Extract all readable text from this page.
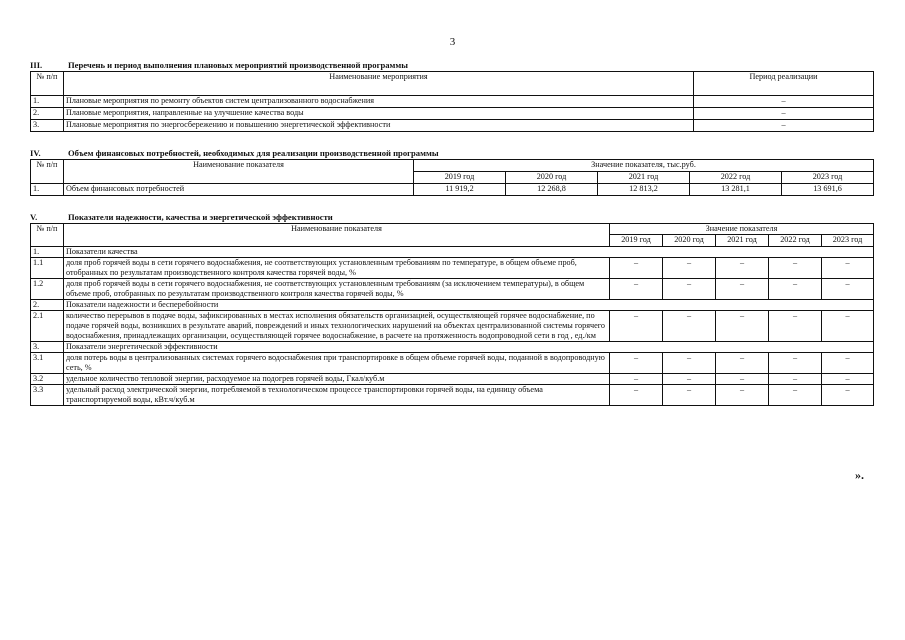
3
III.	Перечень и период выполнения плановых мероприятий производственной программы
№ п/п	Наименование мероприятия	Период реализации
1.	Плановые мероприятия по ремонту объектов систем централизованного водоснабжения	–
2.	Плановые мероприятия, направленные на улучшение качества воды	–
3.	Плановые мероприятия по энергосбережению и повышению энергетической эффективности	–
IV.	Объем финансовых потребностей, необходимых для реализации производственной программы
№ п/п	Наименование показателя	Значение показателя, тыс.руб.				
		2019 год	2020 год	2021 год	2022 год	2023 год
1.	Объем финансовых потребностей	11 919,2	12 268,8	12 813,2	13 281,1	13 691,6
V.	Показатели надежности, качества и энергетической эффективности
№ п/п	Наименование показателя	Значение показателя				
		2019 год	2020 год	2021 год	2022 год	2023 год
1.	Показатели качества					
1.1	доля проб горячей воды в сети горячего водоснабжения, не соответствующих установленным требованиям по температуре, в общем объеме проб, отобранных по результатам производственного контроля качества горячей воды, %	–	–	–	–	–
1.2	доля проб горячей воды в сети горячего водоснабжения, не соответствующих установленным требованиям (за исключением температуры), в общем объеме проб, отобранных по результатам производственного контроля качества горячей воды, %	–	–	–	–	–
2.	Показатели надежности и бесперебойности					
2.1	количество перерывов в подаче воды, зафиксированных в местах исполнения обязательств организацией, осуществляющей горячее водоснабжение, по подаче горячей воды, возникших в результате аварий, повреждений и иных технологических нарушений на объектах централизованной системы горячего водоснабжения, принадлежащих организации, осуществляющей горячее водоснабжение, в расчете на протяженность водопроводной сети в год , ед./км	–	–	–	–	–
3.	Показатели энергетической эффективности					
3.1	доля потерь воды в централизованных системах горячего водоснабжения при транспортировке в общем объеме горячей воды, поданной в водопроводную сеть, %	–	–	–	–	–
3.2	удельное количество тепловой энергии, расходуемое на подогрев горячей воды, Гкал/куб.м	–	–	–	–	–
3.3	удельный расход электрической энергии, потребляемой в технологическом процессе транспортировки горячей воды, на единицу объема транспортируемой воды, кВт.ч/куб.м	–	–	–	–	–
».
